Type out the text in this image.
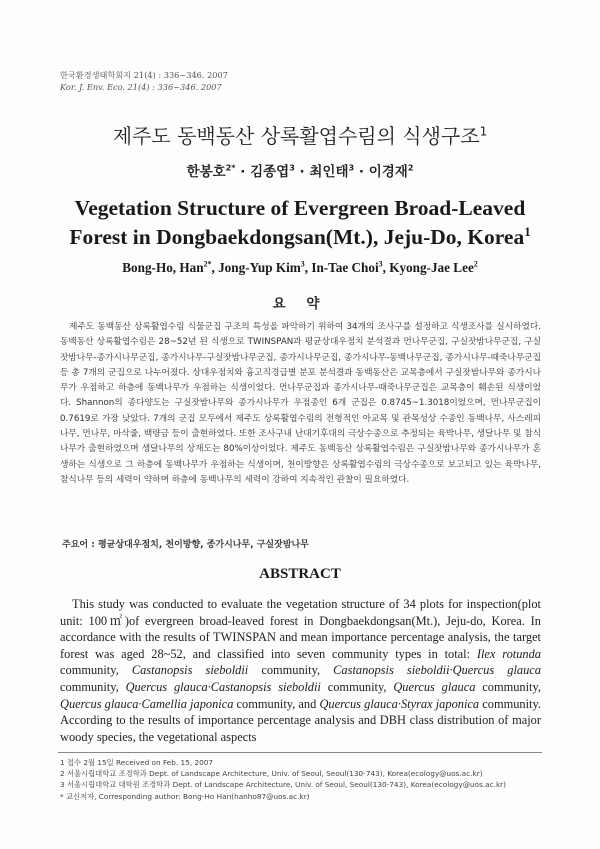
한국환경생태학회지 21(4) : 336~346. 2007
Kor. J. Env. Eco. 21(4) : 336~346. 2007
제주도 동백동산 상록활엽수림의 식생구조$^1$
한봉호$^{2*}$ · 김종엽$^3$ · 최인태$^3$ · 이경재$^2$
Vegetation Structure of Evergreen Broad-Leaved
Forest in Dongbaekdongsan(Mt.), Jeju-Do, Korea$^1$
Bong-Ho, Han$^{2*}$, Jong-Yup Kim$^3$, In-Tae Choi$^3$, Kyong-Jae Lee$^2$
요 약

제주도 동백동산 상록활엽수림 식물군집 구조의 특성을 파악하기 위하여 34개의 조사구를 설정하고 식생조사를 실시하였다. 동백동산 상록활엽수림은 28~52년 된 식생으로 TWINSPAN과 평균상대우점치 분석결과 먼나무군집, 구실잣밤나무군집, 구실잣밤나무-종가시나무군집, 종가시나무-구실잣밤나무군집, 종가시나무군집, 종가시나무-동백나무군집, 종가시나무-때죽나무군집 등 총 7개의 군집으로 나누어졌다. 상대우점치와 흉고직경급별 분포 분석결과 동백동산은 교목층에서 구실잣밤나무와 종가시나무가 우점하고 하층에 동백나무가 우점하는 식생이었다. 먼나무군집과 종가시나무-때죽나무군집은 교목층이 훼손된 식생이었다. Shannon의 종다양도는 구실잣밤나무와 종가시나무가 우점종인 6개 군집은 0.8745~1.3018이었으며, 먼나무군집이 0.7619로 가장 낮았다. 7개의 군집 모두에서 제주도 상록활엽수림의 전형적인 아교목 및 관목성상 수종인 동백나무, 사스레피나무, 먼나무, 마삭줄, 백량금 등이 출현하였다. 또한 조사구내 난대기후대의 극상수종으로 추정되는 육박나무, 생달나무 및 참식나무가 출현하였으며 생달나무의 상재도는 80%이상이었다. 제주도 동백동산 상록활엽수림은 구실잣밤나무와 종가시나무가 혼생하는 식생으로 그 하층에 동백나무가 우점하는 식생이며, 천이방향은 상록활엽수림의 극상수종으로 보고되고 있는 육박나무, 참식나무 등의 세력이 약하며 하층에 동백나무의 세력이 강하여 지속적인 관찰이 필요하였다.

주요어 : 평균상대우점치, 천이방향, 종가시나무, 구실잣밤나무
ABSTRACT

This study was conducted to evaluate the vegetation structure of 34 plots for inspection(plot unit: 100㎡)of evergreen broad-leaved forest in Dongbaekdongsan(Mt.), Jeju-do, Korea. In accordance with the results of TWINSPAN and mean importance percentage analysis, the target forest was aged 28~52, and classified into seven community types in total: Ilex rotunda community, Castanopsis sieboldii community, Castanopsis sieboldii·Quercus glauca community, Quercus glauca·Castanopsis sieboldii community, Quercus glauca community, Quercus glauca·Camellia japonica community, and Quercus glauca·Styrax japonica community. According to the results of importance percentage analysis and DBH class distribution of major woody species, the vegetational aspects

1 접수 2월 15일 Received on Feb. 15, 2007
2 서울시립대학교 조경학과 Dept. of Landscape Architecture, Univ. of Seoul, Seoul(130-743), Korea(ecology@uos.ac.kr)
3 서울시립대학교 대학원 조경학과 Dept. of Landscape Architecture, Univ. of Seoul, Seoul(130-743), Korea(ecology@uos.ac.kr)
* 교신저자, Corresponding author: Bong-Ho Han(hanho87@uos.ac.kr)
